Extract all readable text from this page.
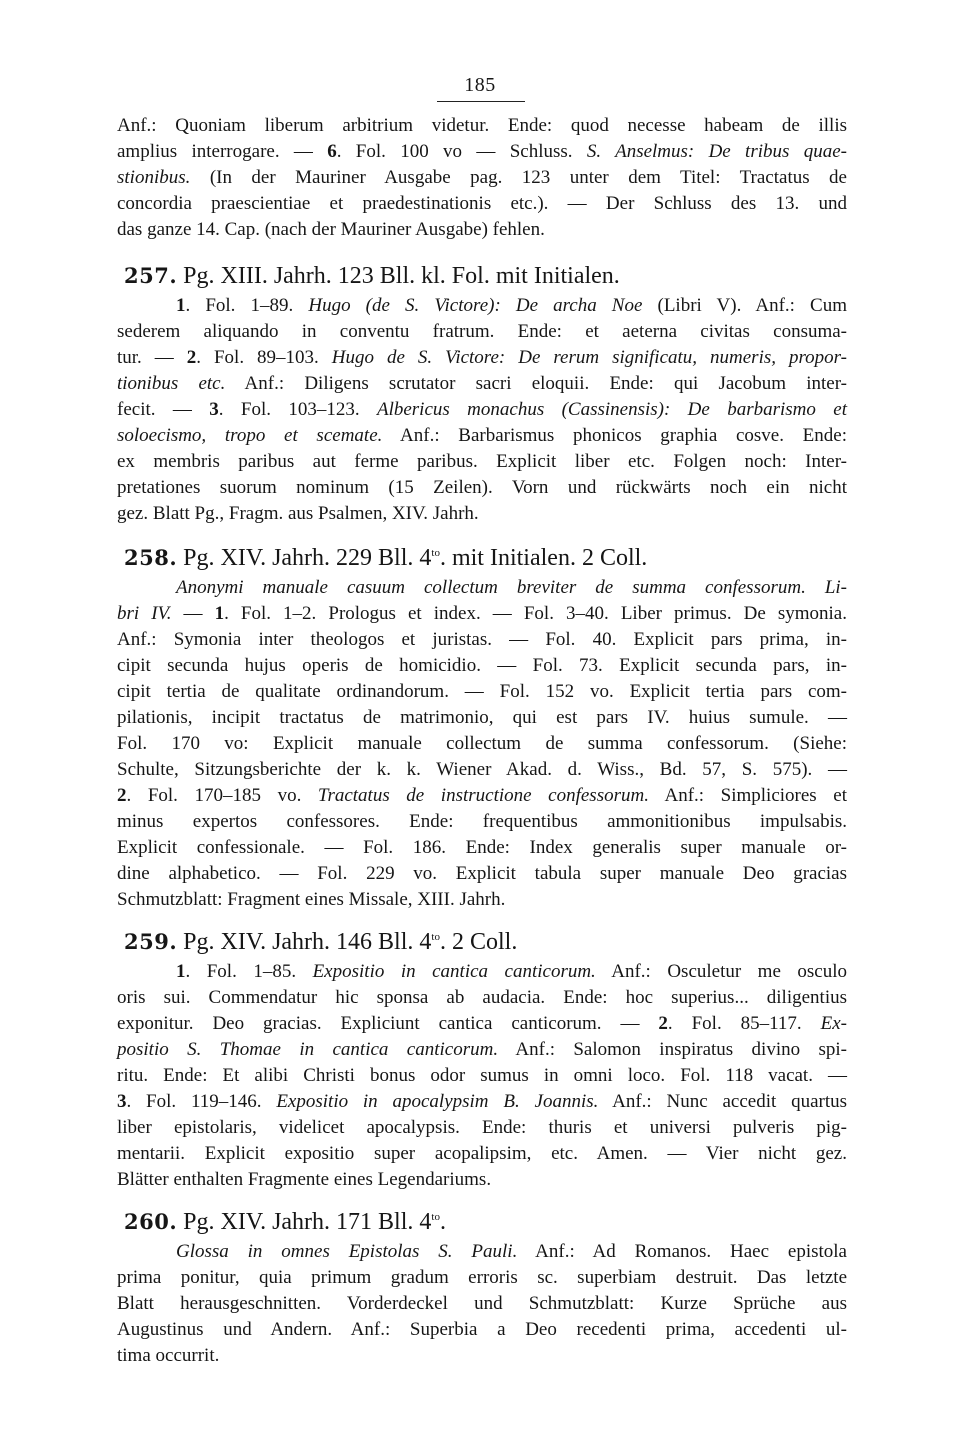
185
Anf.: Quoniam liberum arbitrium videtur. Ende: quod necesse habeam de illis
amplius interrogare. — 6. Fol. 100 vo — Schluss. S. Anselmus: De tribus quae-
stionibus. (In der Mauriner Ausgabe pag. 123 unter dem Titel: Tractatus de
concordia praescientiae et praedestinationis etc.). — Der Schluss des 13. und
das ganze 14. Cap. (nach der Mauriner Ausgabe) fehlen.
257. Pg. XIII. Jahrh. 123 Bll. kl. Fol. mit Initialen.
1. Fol. 1–89. Hugo (de S. Victore): De archa Noe (Libri V). Anf.: Cum
sederem aliquando in conventu fratrum. Ende: et aeterna civitas consuma-
tur. — 2. Fol. 89–103. Hugo de S. Victore: De rerum significatu, numeris, propor-
tionibus etc. Anf.: Diligens scrutator sacri eloquii. Ende: qui Jacobum inter-
fecit. — 3. Fol. 103–123. Albericus monachus (Cassinensis): De barbarismo et
soloecismo, tropo et scemate. Anf.: Barbarismus phonicos graphia cosve. Ende:
ex membris paribus aut ferme paribus. Explicit liber etc. Folgen noch: Inter-
pretationes suorum nominum (15 Zeilen). Vorn und rückwärts noch ein nicht
gez. Blatt Pg., Fragm. aus Psalmen, XIV. Jahrh.
258. Pg. XIV. Jahrh. 229 Bll. $4^{to}$. mit Initialen. 2 Coll.
Anonymi manuale casuum collectum breviter de summa confessorum. Li-
bri IV. — 1. Fol. 1–2. Prologus et index. — Fol. 3–40. Liber primus. De symonia.
Anf.: Symonia inter theologos et juristas. — Fol. 40. Explicit pars prima, in-
cipit secunda hujus operis de homicidio. — Fol. 73. Explicit secunda pars, in-
cipit tertia de qualitate ordinandorum. — Fol. 152 vo. Explicit tertia pars com-
pilationis, incipit tractatus de matrimonio, qui est pars IV. huius sumule. —
Fol. 170 vo: Explicit manuale collectum de summa confessorum. (Siehe:
Schulte, Sitzungsberichte der k. k. Wiener Akad. d. Wiss., Bd. 57, S. 575). —
2. Fol. 170–185 vo. Tractatus de instructione confessorum. Anf.: Simpliciores et
minus expertos confessores. Ende: frequentibus ammonitionibus impulsabis.
Explicit confessionale. — Fol. 186. Ende: Index generalis super manuale or-
dine alphabetico. — Fol. 229 vo. Explicit tabula super manuale Deo gracias
Schmutzblatt: Fragment eines Missale, XIII. Jahrh.
259. Pg. XIV. Jahrh. 146 Bll. $4^{to}$. 2 Coll.
1. Fol. 1–85. Expositio in cantica canticorum. Anf.: Osculetur me osculo
oris sui. Commendatur hic sponsa ab audacia. Ende: hoc superius... diligentius
exponitur. Deo gracias. Expliciunt cantica canticorum. — 2. Fol. 85–117. Ex-
positio S. Thomae in cantica canticorum. Anf.: Salomon inspiratus divino spi-
ritu. Ende: Et alibi Christi bonus odor sumus in omni loco. Fol. 118 vacat. —
3. Fol. 119–146. Expositio in apocalypsim B. Joannis. Anf.: Nunc accedit quartus
liber epistolaris, videlicet apocalypsis. Ende: thuris et universi pulveris pig-
mentarii. Explicit expositio super acopalipsim, etc. Amen. — Vier nicht gez.
Blätter enthalten Fragmente eines Legendariums.
260. Pg. XIV. Jahrh. 171 Bll. $4^{to}$.
Glossa in omnes Epistolas S. Pauli. Anf.: Ad Romanos. Haec epistola
prima ponitur, quia primum gradum erroris sc. superbiam destruit. Das letzte
Blatt herausgeschnitten. Vorderdeckel und Schmutzblatt: Kurze Sprüche aus
Augustinus und Andern. Anf.: Superbia a Deo recedenti prima, accedenti ul-
tima occurrit.
